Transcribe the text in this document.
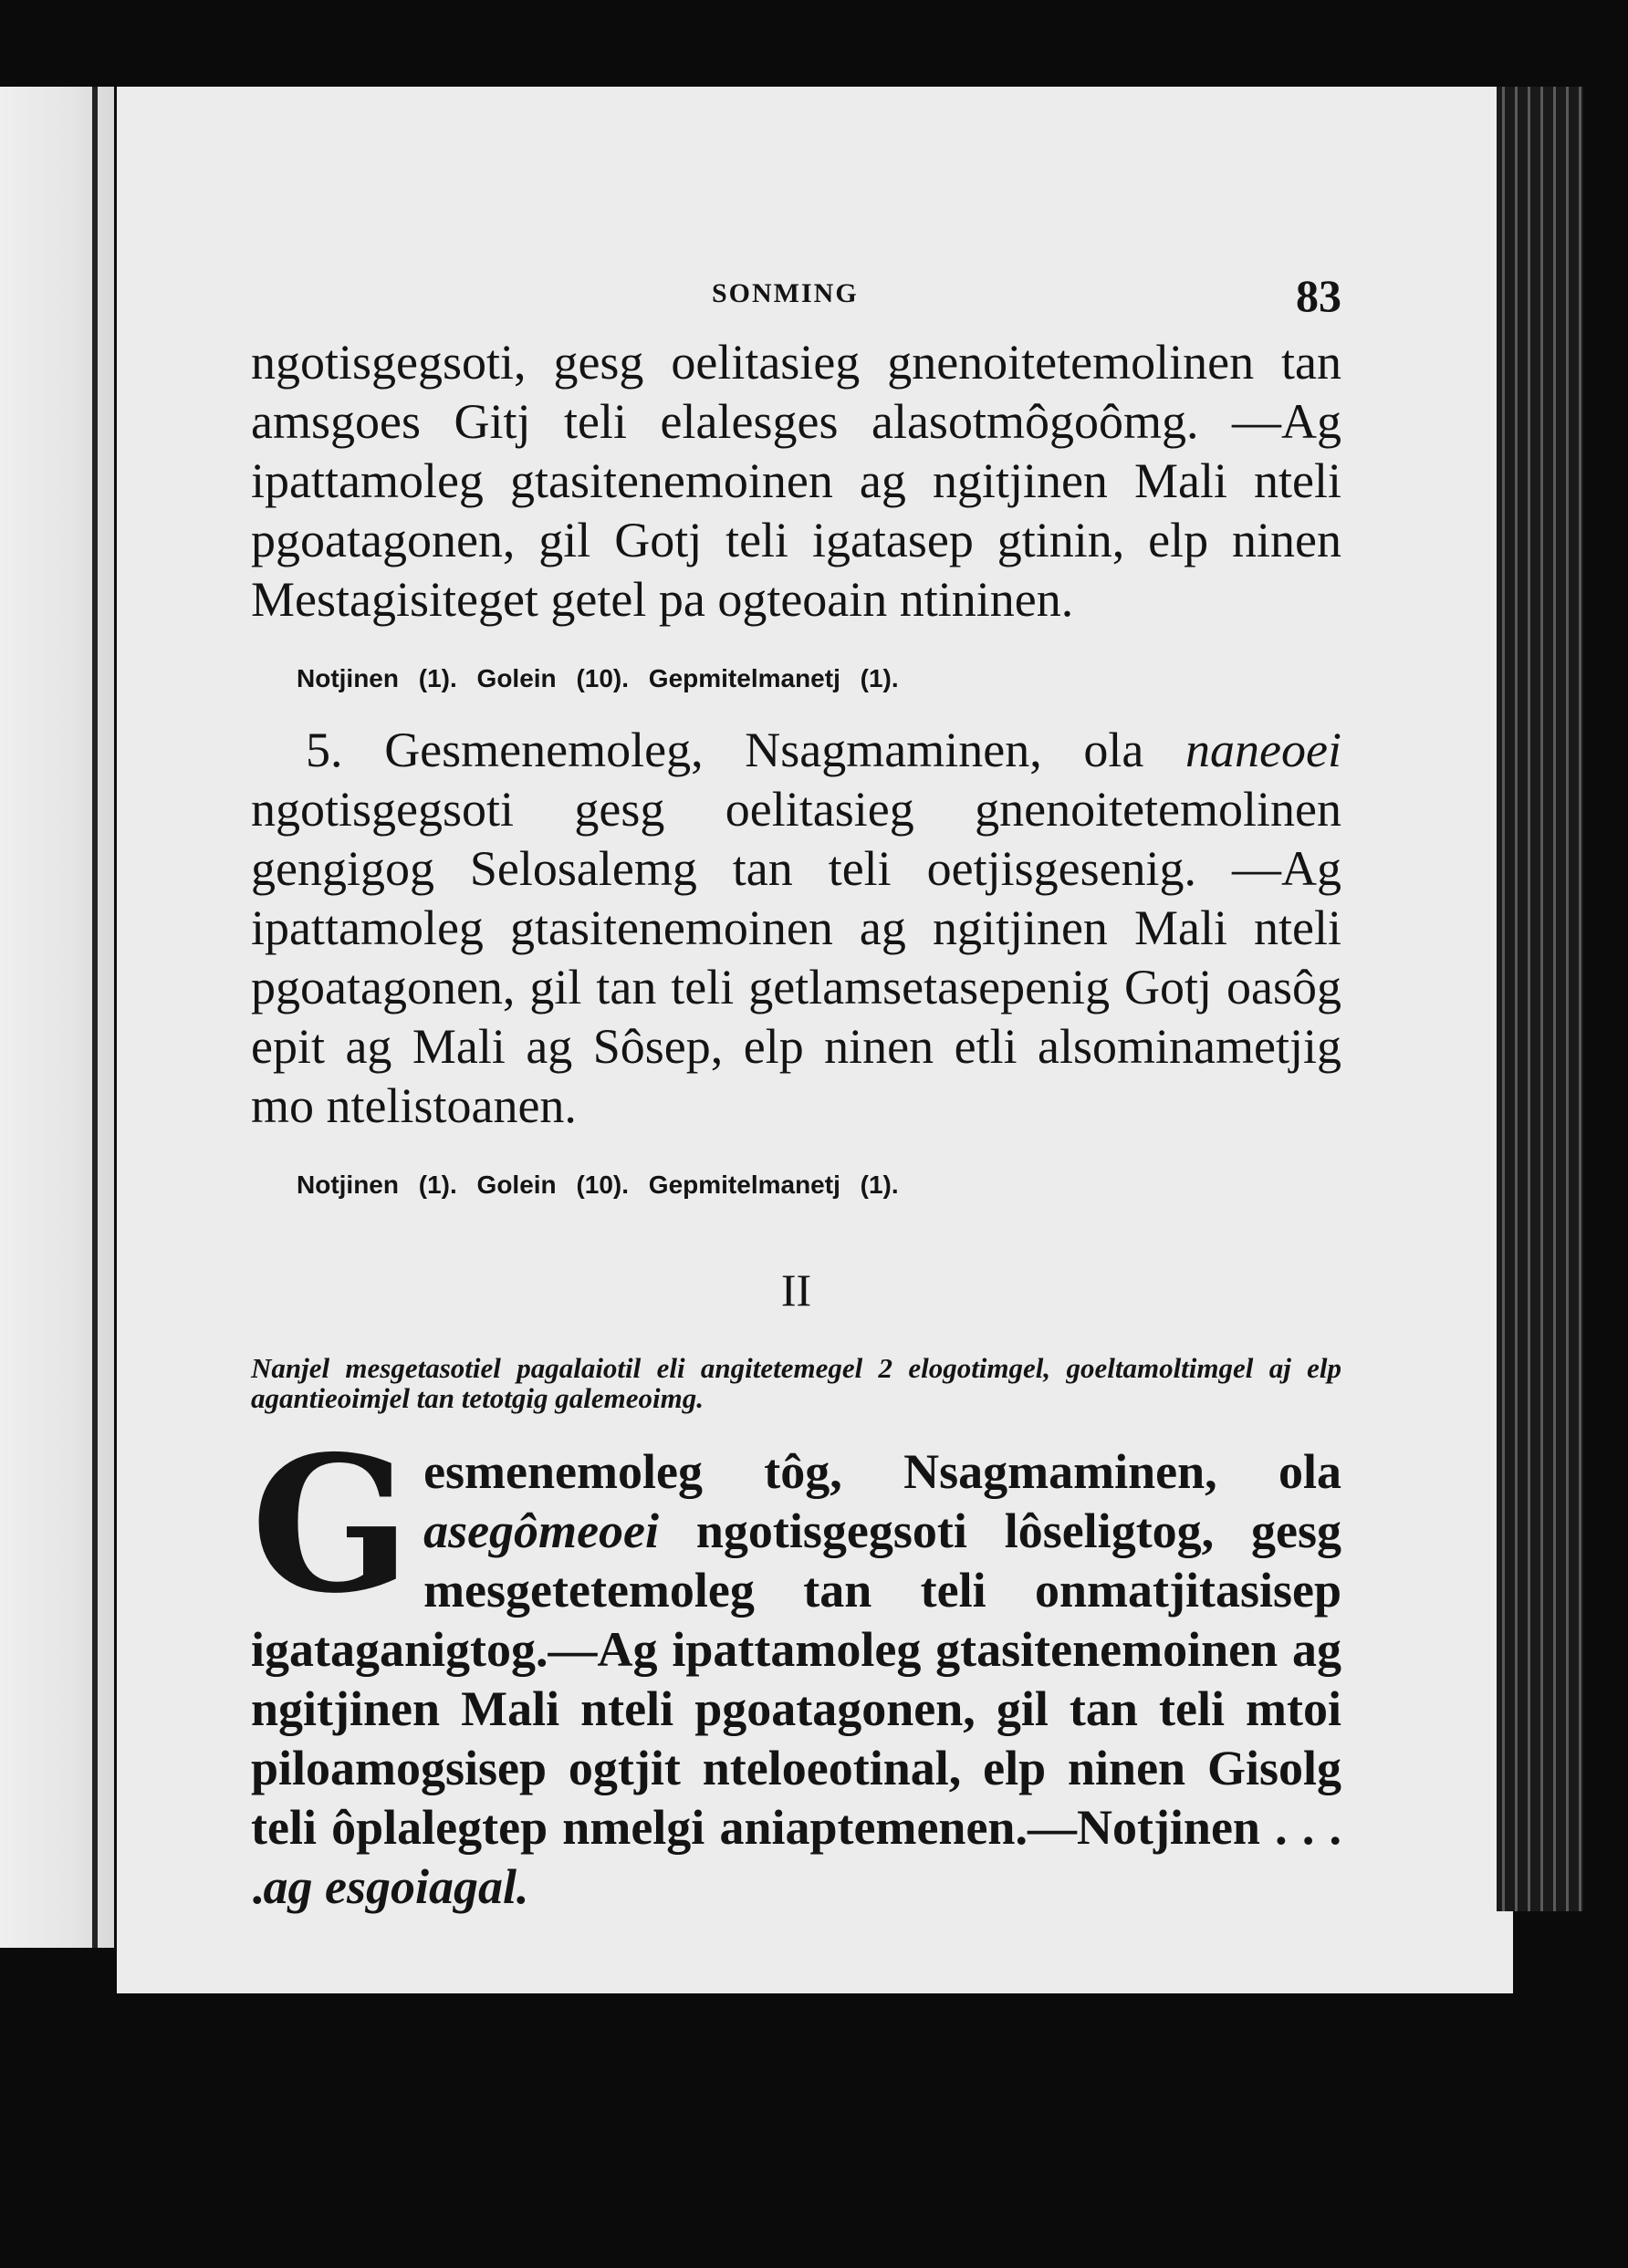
SONMING	83

ngotisgegsoti, gesg oelitasieg gnenoitetemolinen tan amsgoes Gitj teli elalesges alasotmôgoômg. —Ag ipattamoleg gtasitenemoinen ag ngitjinen Mali nteli pgoatagonen, gil Gotj teli igatasep gtinin, elp ninen Mestagisiteget getel pa ogteoain ntininen.

Notjinen (1). Golein (10). Gepmitelmanetj (1).

5. Gesmenemoleg, Nsagmaminen, ola naneoei ngotisgegsoti gesg oelitasieg gnenoitetemolinen gengigog Selosalemg tan teli oetjisgesenig. —Ag ipattamoleg gtasitenemoinen ag ngitjinen Mali nteli pgoatagonen, gil tan teli getlamsetasepenig Gotj oasôg epit ag Mali ag Sôsep, elp ninen etli alsominametjig mo ntelistoanen.

Notjinen (1). Golein (10). Gepmitelmanetj (1).

II

Nanjel mesgetasotiel pagalaiotil eli angitetemegel 2 elogotimgel, goeltamoltimgel aj elp agantieoimjel tan tetotgig galemeoimg.

Gesmenemoleg tôg, Nsagmaminen, ola asegômeoei ngotisgegsoti lôseligtog, gesg mesgetetemoleg tan teli onmatjitasisep igataganigtog.—Ag ipattamoleg gtasitenemoinen ag ngitjinen Mali nteli pgoatagonen, gil tan teli mtoi piloamogsisep ogtjit nteloeotinal, elp ninen Gisolg teli ôplalegtep nmelgi aniaptemenen.—Notjinen . . . .ag esgoiagal.
